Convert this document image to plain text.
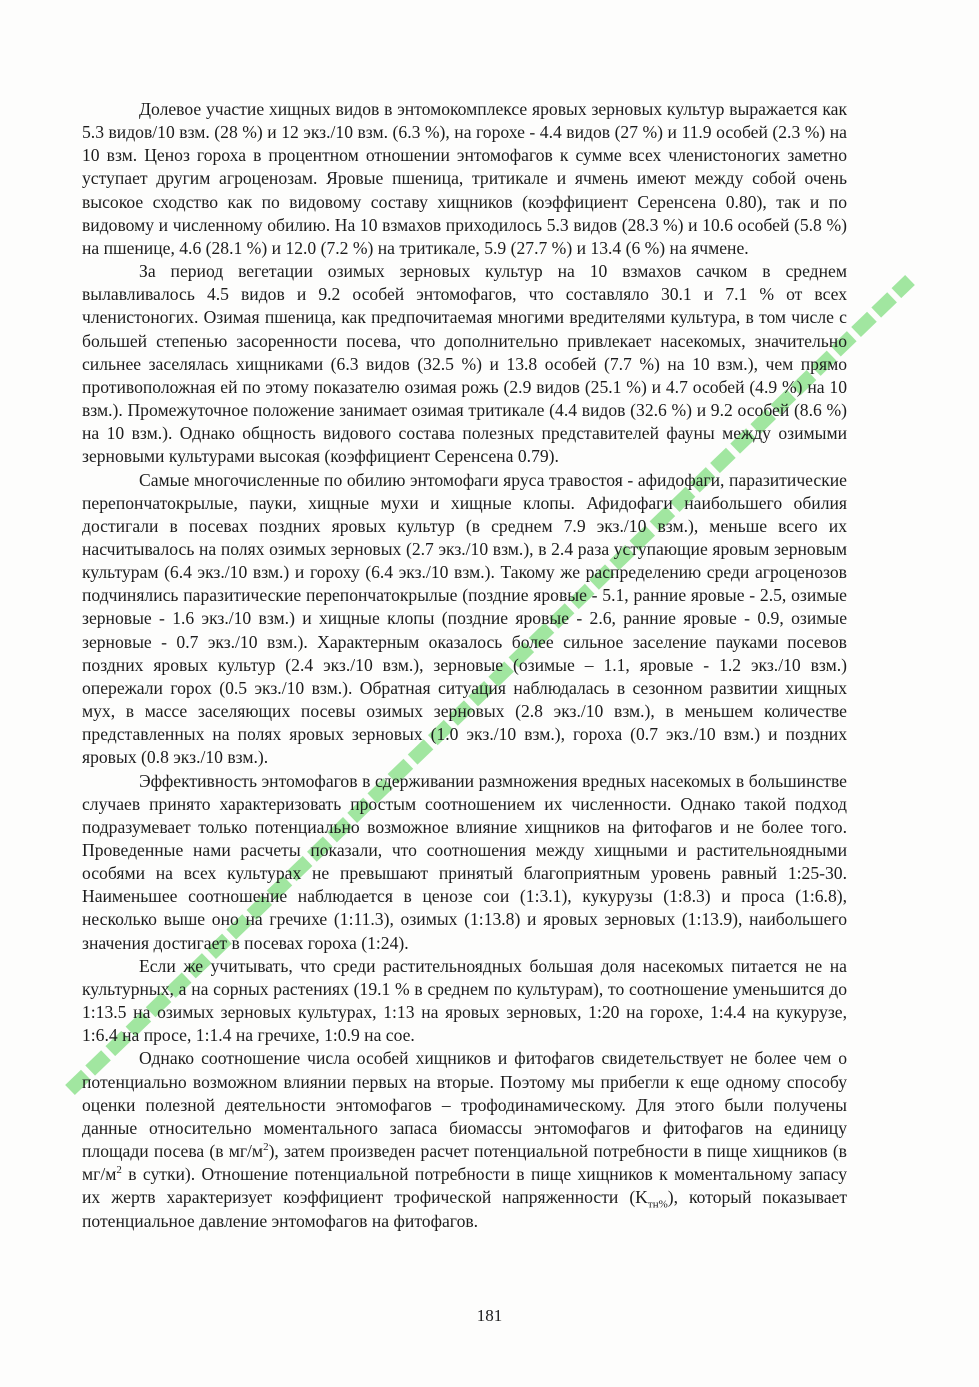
Долевое участие хищных видов в энтомокомплексе яровых зерновых культур выражается как 5.3 видов/10 взм. (28 %) и 12 экз./10 взм. (6.3 %), на горохе - 4.4 видов (27 %) и 11.9 особей (2.3 %) на 10 взм. Ценоз гороха в процентном отношении энтомофагов к сумме всех членистоногих заметно уступает другим агроценозам. Яровые пшеница, тритикале и ячмень имеют между собой очень высокое сходство как по видовому составу хищников (коэффициент Серенсена 0.80), так и по видовому и численному обилию. На 10 взмахов приходилось 5.3 видов (28.3 %) и 10.6 особей (5.8 %) на пшенице, 4.6 (28.1 %) и 12.0 (7.2 %) на тритикале, 5.9 (27.7 %) и 13.4 (6 %) на ячмене.

За период вегетации озимых зерновых культур на 10 взмахов сачком в среднем вылавливалось 4.5 видов и 9.2 особей энтомофагов, что составляло 30.1 и 7.1 % от всех членистоногих. Озимая пшеница, как предпочитаемая многими вредителями культура, в том числе с большей степенью засоренности посева, что дополнительно привлекает насекомых, значительно сильнее заселялась хищниками (6.3 видов (32.5 %) и 13.8 особей (7.7 %) на 10 взм.), чем прямо противоположная ей по этому показателю озимая рожь (2.9 видов (25.1 %) и 4.7 особей (4.9 %) на 10 взм.). Промежуточное положение занимает озимая тритикале (4.4 видов (32.6 %) и 9.2 особей (8.6 %) на 10 взм.). Однако общность видового состава полезных представителей фауны между озимыми зерновыми культурами высокая (коэффициент Серенсена 0.79).

Самые многочисленные по обилию энтомофаги яруса травостоя - афидофаги, паразитические перепончатокрылые, пауки, хищные мухи и хищные клопы. Афидофаги наибольшего обилия достигали в посевах поздних яровых культур (в среднем 7.9 экз./10 взм.), меньше всего их насчитывалось на полях озимых зерновых (2.7 экз./10 взм.), в 2.4 раза уступающие яровым зерновым культурам (6.4 экз./10 взм.) и гороху (6.4 экз./10 взм.). Такому же распределению среди агроценозов подчинялись паразитические перепончатокрылые (поздние яровые - 5.1, ранние яровые - 2.5, озимые зерновые - 1.6 экз./10 взм.) и хищные клопы (поздние яровые - 2.6, ранние яровые - 0.9, озимые зерновые - 0.7 экз./10 взм.). Характерным оказалось более сильное заселение пауками посевов поздних яровых культур (2.4 экз./10 взм.), зерновые (озимые – 1.1, яровые - 1.2 экз./10 взм.) опережали горох (0.5 экз./10 взм.). Обратная ситуация наблюдалась в сезонном развитии хищных мух, в массе заселяющих посевы озимых зерновых (2.8 экз./10 взм.), в меньшем количестве представленных на полях яровых зерновых (1.0 экз./10 взм.), гороха (0.7 экз./10 взм.) и поздних яровых (0.8 экз./10 взм.).

Эффективность энтомофагов в сдерживании размножения вредных насекомых в большинстве случаев принято характеризовать простым соотношением их численности. Однако такой подход подразумевает только потенциально возможное влияние хищников на фитофагов и не более того. Проведенные нами расчеты показали, что соотношения между хищными и растительноядными особями на всех культурах не превышают принятый благоприятным уровень равный 1:25-30. Наименьшее соотношение наблюдается в ценозе сои (1:3.1), кукурузы (1:8.3) и проса (1:6.8), несколько выше оно на гречихе (1:11.3), озимых (1:13.8) и яровых зерновых (1:13.9), наибольшего значения достигает в посевах гороха (1:24).

Если же учитывать, что среди растительноядных большая доля насекомых питается не на культурных, а на сорных растениях (19.1 % в среднем по культурам), то соотношение уменьшится до 1:13.5 на озимых зерновых культурах, 1:13 на яровых зерновых, 1:20 на горохе, 1:4.4 на кукурузе, 1:6.4 на просе, 1:1.4 на гречихе, 1:0.9 на сое.

Однако соотношение числа особей хищников и фитофагов свидетельствует не более чем о потенциально возможном влиянии первых на вторые. Поэтому мы прибегли к еще одному способу оценки полезной деятельности энтомофагов – трофодинамическому. Для этого были получены данные относительно моментального запаса биомассы энтомофагов и фитофагов на единицу площади посева (в $мг/м^2$), затем произведен расчет потенциальной потребности в пище хищников (в $мг/м^2$ в сутки). Отношение потенциальной потребности в пище хищников к моментальному запасу их жертв характеризует коэффициент трофической напряженности $(K_{тн\%})$, который показывает потенциальное давление энтомофагов на фитофагов.

181
